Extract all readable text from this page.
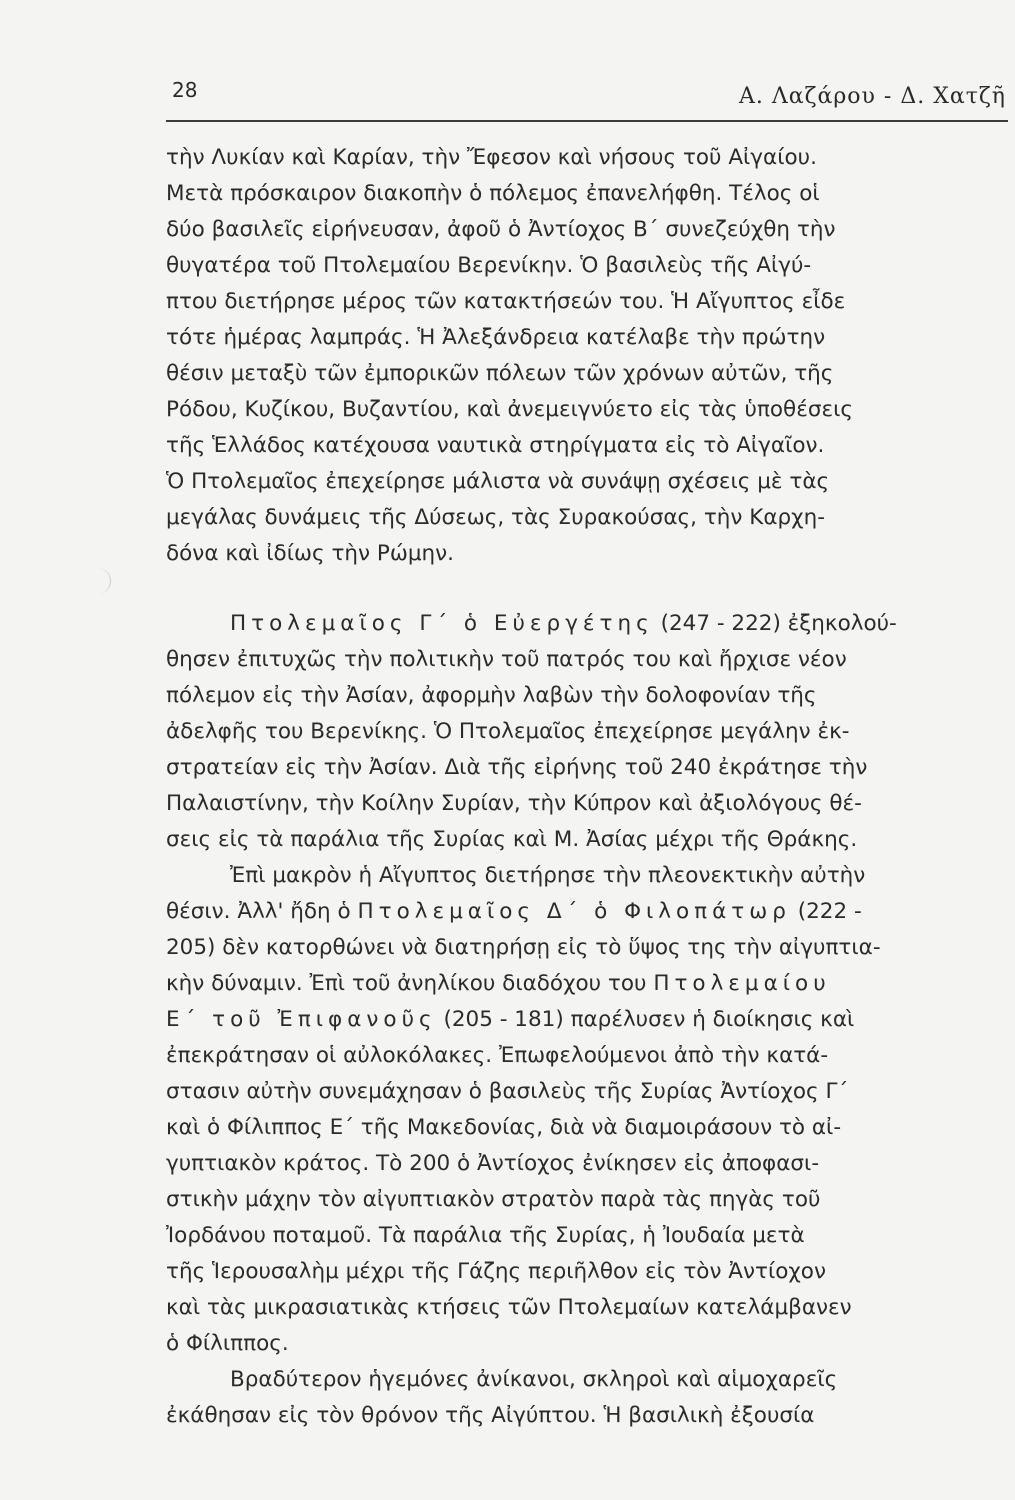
28	Α. Λαζάρου - Δ. Χατζῆ
τὴν Λυκίαν καὶ Καρίαν, τὴν Ἔφεσον καὶ νήσους τοῦ Αἰγαίου.
Μετὰ πρόσκαιρον διακοπὴν ὁ πόλεμος ἐπανελήφθη. Τέλος οἱ
δύο βασιλεῖς εἰρήνευσαν, ἀφοῦ ὁ Ἀντίοχος Β΄ συνεζεύχθη τὴν
θυγατέρα τοῦ Πτολεμαίου Βερενίκην. Ὁ βασιλεὺς τῆς Αἰγύ-
πτου διετήρησε μέρος τῶν κατακτήσεών του. Ἡ Αἴγυπτος εἶδε
τότε ἡμέρας λαμπράς. Ἡ Ἀλεξάνδρεια κατέλαβε τὴν πρώτην
θέσιν μεταξὺ τῶν ἐμπορικῶν πόλεων τῶν χρόνων αὐτῶν, τῆς
Ρόδου, Κυζίκου, Βυζαντίου, καὶ ἀνεμειγνύετο εἰς τὰς ὑποθέσεις
τῆς Ἑλλάδος κατέχουσα ναυτικὰ στηρίγματα εἰς τὸ Αἰγαῖον.
Ὁ Πτολεμαῖος ἐπεχείρησε μάλιστα νὰ συνάψῃ σχέσεις μὲ τὰς
μεγάλας δυνάμεις τῆς Δύσεως, τὰς Συρακούσας, τὴν Καρχη-
δόνα καὶ ἰδίως τὴν Ρώμην.
Πτολεμαῖος Γ΄ ὁ Εὐεργέτης (247 - 222) ἐξηκολού-
θησεν ἐπιτυχῶς τὴν πολιτικὴν τοῦ πατρός του καὶ ἤρχισε νέον
πόλεμον εἰς τὴν Ἀσίαν, ἀφορμὴν λαβὼν τὴν δολοφονίαν τῆς
ἀδελφῆς του Βερενίκης. Ὁ Πτολεμαῖος ἐπεχείρησε μεγάλην ἐκ-
στρατείαν εἰς τὴν Ἀσίαν. Διὰ τῆς εἰρήνης τοῦ 240 ἐκράτησε τὴν
Παλαιστίνην, τὴν Κοίλην Συρίαν, τὴν Κύπρον καὶ ἀξιολόγους θέ-
σεις εἰς τὰ παράλια τῆς Συρίας καὶ Μ. Ἀσίας μέχρι τῆς Θράκης.
Ἐπὶ μακρὸν ἡ Αἴγυπτος διετήρησε τὴν πλεονεκτικὴν αὐτὴν
θέσιν. Ἀλλ' ἤδη ὁ Πτολεμαῖος Δ΄ ὁ Φιλοπάτωρ (222 -
205) δὲν κατορθώνει νὰ διατηρήσῃ εἰς τὸ ὕψος της τὴν αἰγυπτια-
κὴν δύναμιν. Ἐπὶ τοῦ ἀνηλίκου διαδόχου του Πτολεμαίου
Ε΄ τοῦ Ἐπιφανοῦς (205 - 181) παρέλυσεν ἡ διοίκησις καὶ
ἐπεκράτησαν οἱ αὐλοκόλακες. Ἐπωφελούμενοι ἀπὸ τὴν κατά-
στασιν αὐτὴν συνεμάχησαν ὁ βασιλεὺς τῆς Συρίας Ἀντίοχος Γ΄
καὶ ὁ Φίλιππος Ε΄ τῆς Μακεδονίας, διὰ νὰ διαμοιράσουν τὸ αἰ-
γυπτιακὸν κράτος. Τὸ 200 ὁ Ἀντίοχος ἐνίκησεν εἰς ἀποφασι-
στικὴν μάχην τὸν αἰγυπτιακὸν στρατὸν παρὰ τὰς πηγὰς τοῦ
Ἰορδάνου ποταμοῦ. Τὰ παράλια τῆς Συρίας, ἡ Ἰουδαία μετὰ
τῆς Ἱερουσαλὴμ μέχρι τῆς Γάζης περιῆλθον εἰς τὸν Ἀντίοχον
καὶ τὰς μικρασιατικὰς κτήσεις τῶν Πτολεμαίων κατελάμβανεν
ὁ Φίλιππος.
Βραδύτερον ἡγεμόνες ἀνίκανοι, σκληροὶ καὶ αἱμοχαρεῖς
ἐκάθησαν εἰς τὸν θρόνον τῆς Αἰγύπτου. Ἡ βασιλικὴ ἐξουσία
